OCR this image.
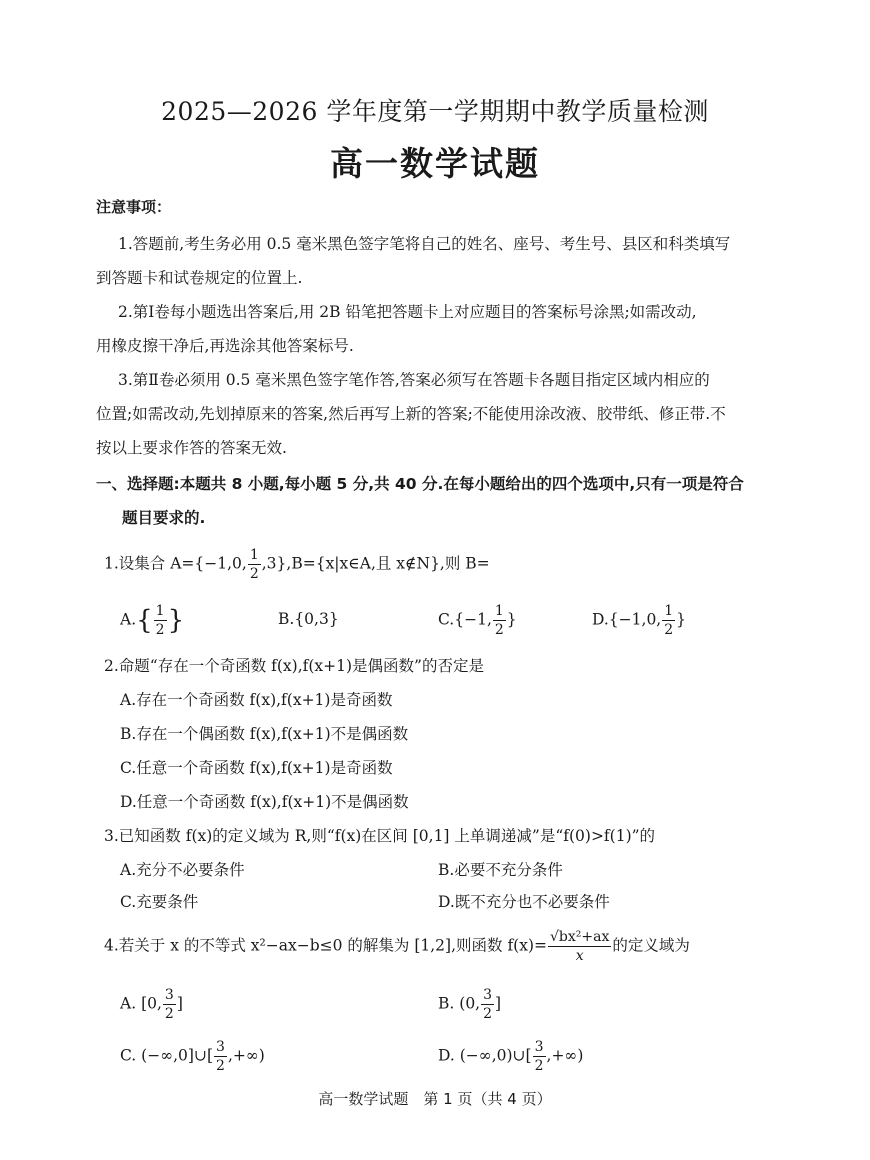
2025—2026 学年度第一学期期中教学质量检测
高一数学试题
注意事项：
1.答题前,考生务必用 0.5 毫米黑色签字笔将自己的姓名、座号、考生号、县区和科类填写
到答题卡和试卷规定的位置上.
2.第Ⅰ卷每小题选出答案后,用 2B 铅笔把答题卡上对应题目的答案标号涂黑;如需改动,
用橡皮擦干净后,再选涂其他答案标号.
3.第Ⅱ卷必须用 0.5 毫米黑色签字笔作答,答案必须写在答题卡各题目指定区域内相应的
位置;如需改动,先划掉原来的答案,然后再写上新的答案;不能使用涂改液、胶带纸、修正带.不
按以上要求作答的答案无效.
一、选择题:本题共 8 小题,每小题 5 分,共 40 分.在每小题给出的四个选项中,只有一项是符合
题目要求的.
1.设集合 A={−1,0, $\frac{1}{2}$ ,3},B={x|x∈A,且 x∉N},则 B=
$A.\{ \frac{1}{2}$ }	B.{0,3}	C.{−1, $\frac{1}{2}$ }	D.{−1,0, $\frac{1}{2}$ }
2.命题“存在一个奇函数 f(x),f(x+1)是偶函数”的否定是
A.存在一个奇函数 f(x),f(x+1)是奇函数
B.存在一个偶函数 f(x),f(x+1)不是偶函数
C.任意一个奇函数 f(x),f(x+1)是奇函数
D.任意一个奇函数 f(x),f(x+1)不是偶函数
3.已知函数 f(x)的定义域为 R,则“f(x)在区间 [0,1] 上单调递减”是“f(0)>f(1)”的
A.充分不必要条件	B.必要不充分条件
C.充要条件	D.既不充分也不必要条件
4.若关于 x 的不等式 x²−ax−b≤0 的解集为 [1,2],则函数 $f(x)= \frac{\text{√bx²+ax}}{x}$ 的定义域为
A. [0, $\frac{3}{2}$ ]	B. (0, $\frac{3}{2}$ ]
C. (−∞,0]∪[ $\frac{3}{2}$ ,+∞)	D. (−∞,0)∪[ $\frac{3}{2}$ ,+∞)
高一数学试题　第 1 页（共 4 页）
